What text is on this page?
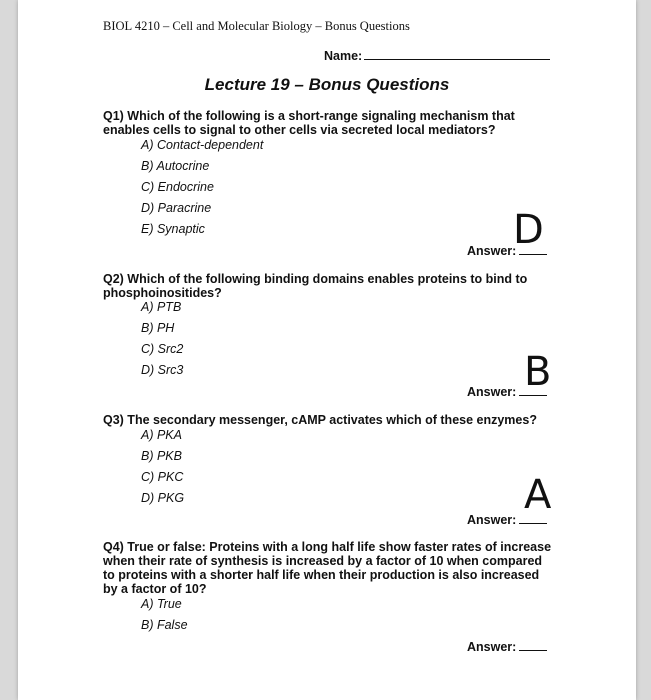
BIOL 4210 – Cell and Molecular Biology – Bonus Questions
Name:
Lecture 19 – Bonus Questions
Q1) Which of the following is a short-range signaling mechanism that enables cells to signal to other cells via secreted local mediators?
A) Contact-dependent
B) Autocrine
C) Endocrine
D) Paracrine
E) Synaptic	D
Answer:
Q2) Which of the following binding domains enables proteins to bind to phosphoinositides?
A) PTB
B) PH
C) Src2
D) Src3	B
Answer:
Q3) The secondary messenger, cAMP activates which of these enzymes?
A) PKA
B) PKB
C) PKC
D) PKG	A
Answer:
Q4) True or false: Proteins with a long half life show faster rates of increase when their rate of synthesis is increased by a factor of 10 when compared to proteins with a shorter half life when their production is also increased by a factor of 10?
A) True
B) False
Answer:
